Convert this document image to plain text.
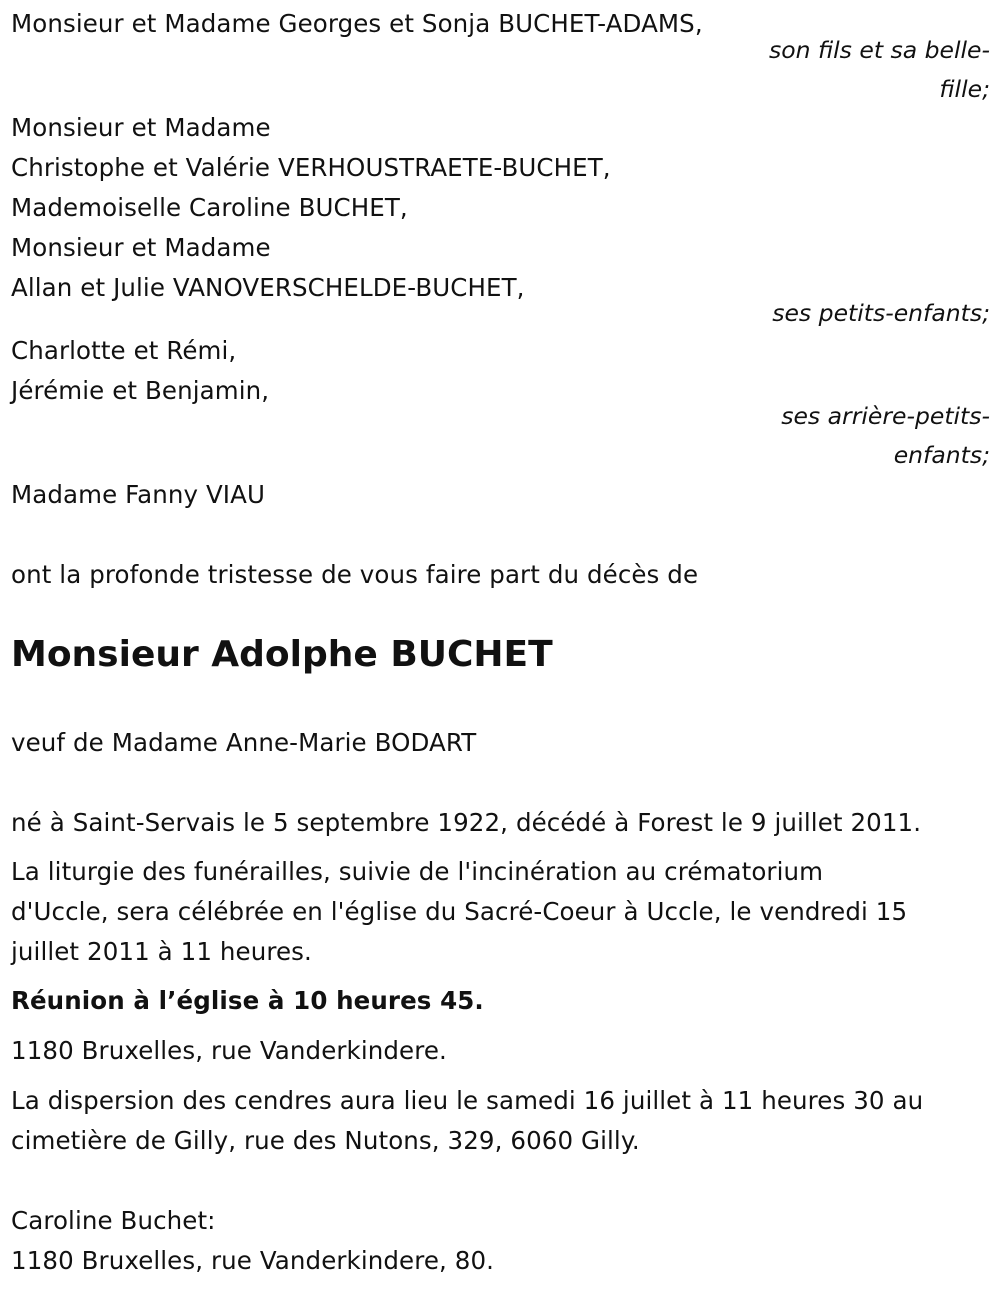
Monsieur et Madame Georges et Sonja BUCHET-ADAMS,
son fils et sa belle-
fille;
Monsieur et Madame
Christophe et Valérie VERHOUSTRAETE-BUCHET,
Mademoiselle Caroline BUCHET,
Monsieur et Madame
Allan et Julie VANOVERSCHELDE-BUCHET,
ses petits-enfants;
Charlotte et Rémi,
Jérémie et Benjamin,
ses arrière-petits-
enfants;
Madame Fanny VIAU
ont la profonde tristesse de vous faire part du décès de
Monsieur Adolphe BUCHET
veuf de Madame Anne-Marie BODART
né à Saint-Servais le 5 septembre 1922, décédé à Forest le 9 juillet 2011.
La liturgie des funérailles, suivie de l'incinération au crématorium
d'Uccle, sera célébrée en l'église du Sacré-Coeur à Uccle, le vendredi 15
juillet 2011 à 11 heures.
Réunion à l’église à 10 heures 45.
1180 Bruxelles, rue Vanderkindere.
La dispersion des cendres aura lieu le samedi 16 juillet à 11 heures 30 au
cimetière de Gilly, rue des Nutons, 329, 6060 Gilly.
Caroline Buchet:
1180 Bruxelles, rue Vanderkindere, 80.
